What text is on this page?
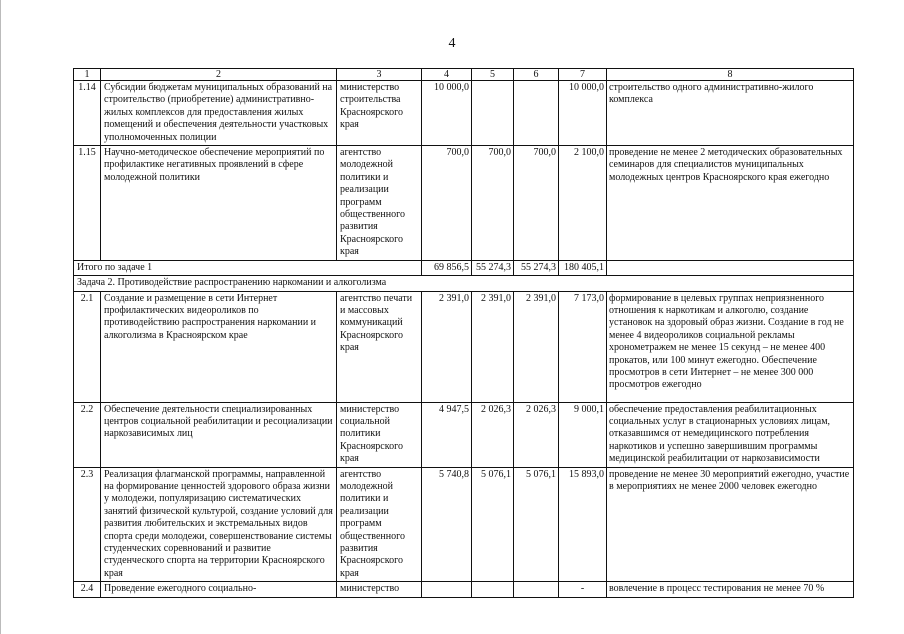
4
1	2	3	4	5	6	7	8
1.14	Субсидии бюджетам муниципальных образований на строительство (приобретение) административно-жилых комплексов для предоставления жилых помещений и обеспечения деятельности участковых уполномоченных полиции	министерство строительства Красноярского края	10 000,0			10 000,0	строительство одного административно-жилого комплекса
1.15	Научно-методическое обеспечение мероприятий по профилактике негативных проявлений в сфере молодежной политики	агентство молодежной политики и реализации программ общественного развития Красноярского края	700,0	700,0	700,0	2 100,0	проведение не менее 2 методических образовательных семинаров для специалистов муниципальных молодежных центров Красноярского края ежегодно
Итого по задаче 1			69 856,5	55 274,3	55 274,3	180 405,1	
Задача 2. Противодействие распространению наркомании и алкоголизма							
2.1	Создание и размещение в сети Интернет профилактических видеороликов по противодействию распространения наркомании и алкоголизма в Красноярском крае	агентство печати и массовых коммуникаций Красноярского края	2 391,0	2 391,0	2 391,0	7 173,0	формирование в целевых группах неприязненного отношения к наркотикам и алкоголю, создание установок на здоровый образ жизни. Создание в год не менее 4 видеороликов социальной рекламы хронометражем не менее 15 секунд – не менее 400 прокатов, или 100 минут ежегодно. Обеспечение просмотров в сети Интернет – не менее 300 000 просмотров ежегодно
2.2	Обеспечение деятельности специализированных центров социальной реабилитации и ресоциализации наркозависимых лиц	министерство социальной политики Красноярского края	4 947,5	2 026,3	2 026,3	9 000,1	обеспечение предоставления реабилитационных социальных услуг в стационарных условиях лицам, отказавшимся от немедицинского потребления наркотиков и успешно завершившим программы медицинской реабилитации от наркозависимости
2.3	Реализация флагманской программы, направленной на формирование ценностей здорового образа жизни у молодежи, популяризацию систематических занятий физической культурой, создание условий для развития любительских и экстремальных видов спорта среди молодежи, совершенствование системы студенческих соревнований и развитие студенческого спорта на территории Красноярского края	агентство молодежной политики и реализации программ общественного развития Красноярского края	5 740,8	5 076,1	5 076,1	15 893,0	проведение не менее 30 мероприятий ежегодно, участие в мероприятиях не менее 2000 человек ежегодно
2.4	Проведение ежегодного социально-	министерство				-	вовлечение в процесс тестирования не менее 70 %
